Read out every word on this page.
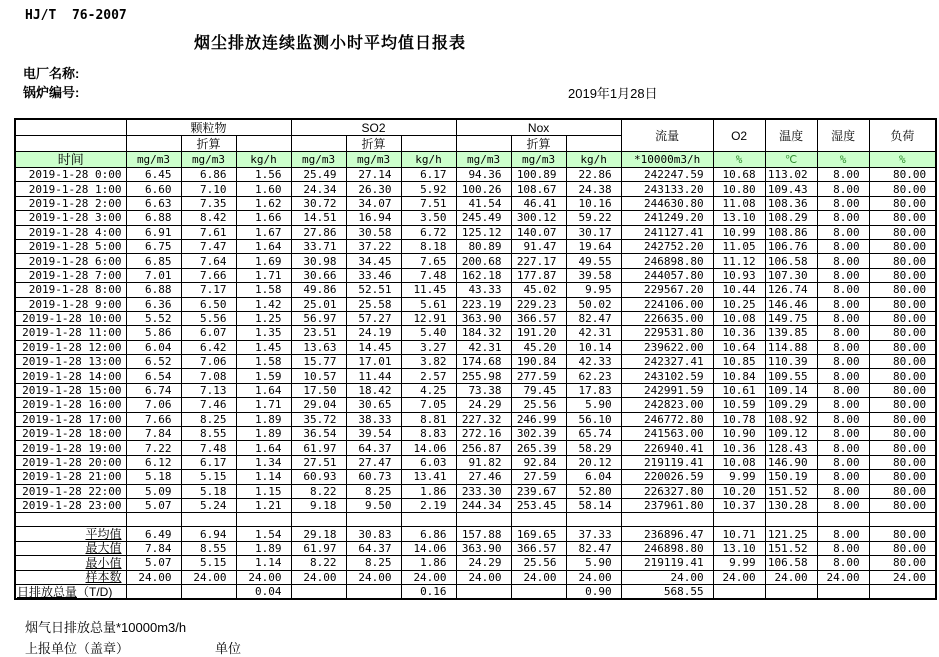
HJ/T  76-2007
烟尘排放连续监测小时平均值日报表
电厂名称:
锅炉编号:	2019年1月28日
	颗粒物			SO2			Nox			流量	O2	温度	湿度	负荷
		折算			折算			折算						
时间	mg/m3	mg/m3	kg/h	mg/m3	mg/m3	kg/h	mg/m3	mg/m3	kg/h	*10000m3/h	%	℃	%	%
2019-1-28 0:00	6.45	6.86	1.56	25.49	27.14	6.17	94.36	100.89	22.86	242247.59	10.68	113.02	8.00	80.00
2019-1-28 1:00	6.60	7.10	1.60	24.34	26.30	5.92	100.26	108.67	24.38	243133.20	10.80	109.43	8.00	80.00
2019-1-28 2:00	6.63	7.35	1.62	30.72	34.07	7.51	41.54	46.41	10.16	244630.80	11.08	108.36	8.00	80.00
2019-1-28 3:00	6.88	8.42	1.66	14.51	16.94	3.50	245.49	300.12	59.22	241249.20	13.10	108.29	8.00	80.00
2019-1-28 4:00	6.91	7.61	1.67	27.86	30.58	6.72	125.12	140.07	30.17	241127.41	10.99	108.86	8.00	80.00
2019-1-28 5:00	6.75	7.47	1.64	33.71	37.22	8.18	80.89	91.47	19.64	242752.20	11.05	106.76	8.00	80.00
2019-1-28 6:00	6.85	7.64	1.69	30.98	34.45	7.65	200.68	227.17	49.55	246898.80	11.12	106.58	8.00	80.00
2019-1-28 7:00	7.01	7.66	1.71	30.66	33.46	7.48	162.18	177.87	39.58	244057.80	10.93	107.30	8.00	80.00
2019-1-28 8:00	6.88	7.17	1.58	49.86	52.51	11.45	43.33	45.02	9.95	229567.20	10.44	126.74	8.00	80.00
2019-1-28 9:00	6.36	6.50	1.42	25.01	25.58	5.61	223.19	229.23	50.02	224106.00	10.25	146.46	8.00	80.00
2019-1-28 10:00	5.52	5.56	1.25	56.97	57.27	12.91	363.90	366.57	82.47	226635.00	10.08	149.75	8.00	80.00
2019-1-28 11:00	5.86	6.07	1.35	23.51	24.19	5.40	184.32	191.20	42.31	229531.80	10.36	139.85	8.00	80.00
2019-1-28 12:00	6.04	6.42	1.45	13.63	14.45	3.27	42.31	45.20	10.14	239622.00	10.64	114.88	8.00	80.00
2019-1-28 13:00	6.52	7.06	1.58	15.77	17.01	3.82	174.68	190.84	42.33	242327.41	10.85	110.39	8.00	80.00
2019-1-28 14:00	6.54	7.08	1.59	10.57	11.44	2.57	255.98	277.59	62.23	243102.59	10.84	109.55	8.00	80.00
2019-1-28 15:00	6.74	7.13	1.64	17.50	18.42	4.25	73.38	79.45	17.83	242991.59	10.61	109.14	8.00	80.00
2019-1-28 16:00	7.06	7.46	1.71	29.04	30.65	7.05	24.29	25.56	5.90	242823.00	10.59	109.29	8.00	80.00
2019-1-28 17:00	7.66	8.25	1.89	35.72	38.33	8.81	227.32	246.99	56.10	246772.80	10.78	108.92	8.00	80.00
2019-1-28 18:00	7.84	8.55	1.89	36.54	39.54	8.83	272.16	302.39	65.74	241563.00	10.90	109.12	8.00	80.00
2019-1-28 19:00	7.22	7.48	1.64	61.97	64.37	14.06	256.87	265.39	58.29	226940.41	10.36	128.43	8.00	80.00
2019-1-28 20:00	6.12	6.17	1.34	27.51	27.47	6.03	91.82	92.84	20.12	219119.41	10.08	146.90	8.00	80.00
2019-1-28 21:00	5.18	5.15	1.14	60.93	60.73	13.41	27.46	27.59	6.04	220026.59	9.99	150.19	8.00	80.00
2019-1-28 22:00	5.09	5.18	1.15	8.22	8.25	1.86	233.30	239.67	52.80	226327.80	10.20	151.52	8.00	80.00
2019-1-28 23:00	5.07	5.24	1.21	9.18	9.50	2.19	244.34	253.45	58.14	237961.80	10.37	130.28	8.00	80.00

平均值	6.49	6.94	1.54	29.18	30.83	6.86	157.88	169.65	37.33	236896.47	10.71	121.25	8.00	80.00
最大值	7.84	8.55	1.89	61.97	64.37	14.06	363.90	366.57	82.47	246898.80	13.10	151.52	8.00	80.00
最小值	5.07	5.15	1.14	8.22	8.25	1.86	24.29	25.56	5.90	219119.41	9.99	106.58	8.00	80.00
样本数	24.00	24.00	24.00	24.00	24.00	24.00	24.00	24.00	24.00	24.00	24.00	24.00	24.00	24.00
日排放总量（T/D)			0.04			0.16			0.90	568.55				
烟气日排放总量*10000m3/h
上报单位（盖章）	单位
